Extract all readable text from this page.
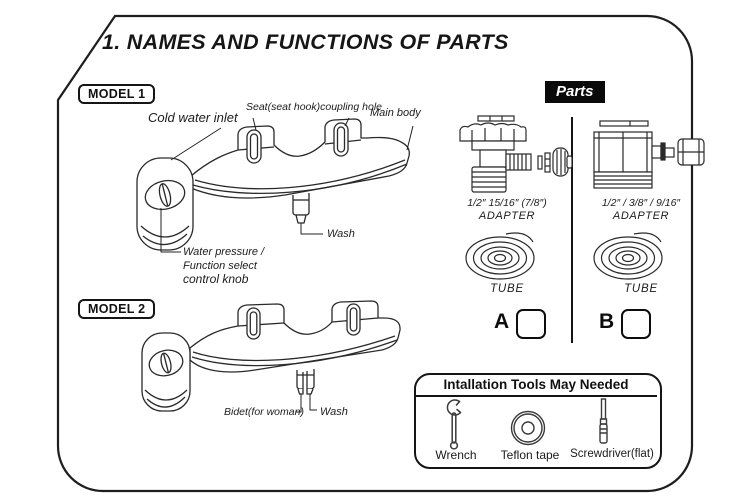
1. NAMES AND FUNCTIONS OF PARTS
MODEL 1
Cold water inlet
Seat(seat hook)coupling hole
Main body
Wash
Water pressure /
Function select
control knob
MODEL 2
Bidet(for woman) Wash
Parts
1/2″ 15/16″ (7/8″)
ADAPTER
1/2″ / 3/8″ / 9/16″
ADAPTER
TUBE	TUBE
A	B
Intallation Tools May Needed
Wrench	Teflon tape Screwdriver(flat)
